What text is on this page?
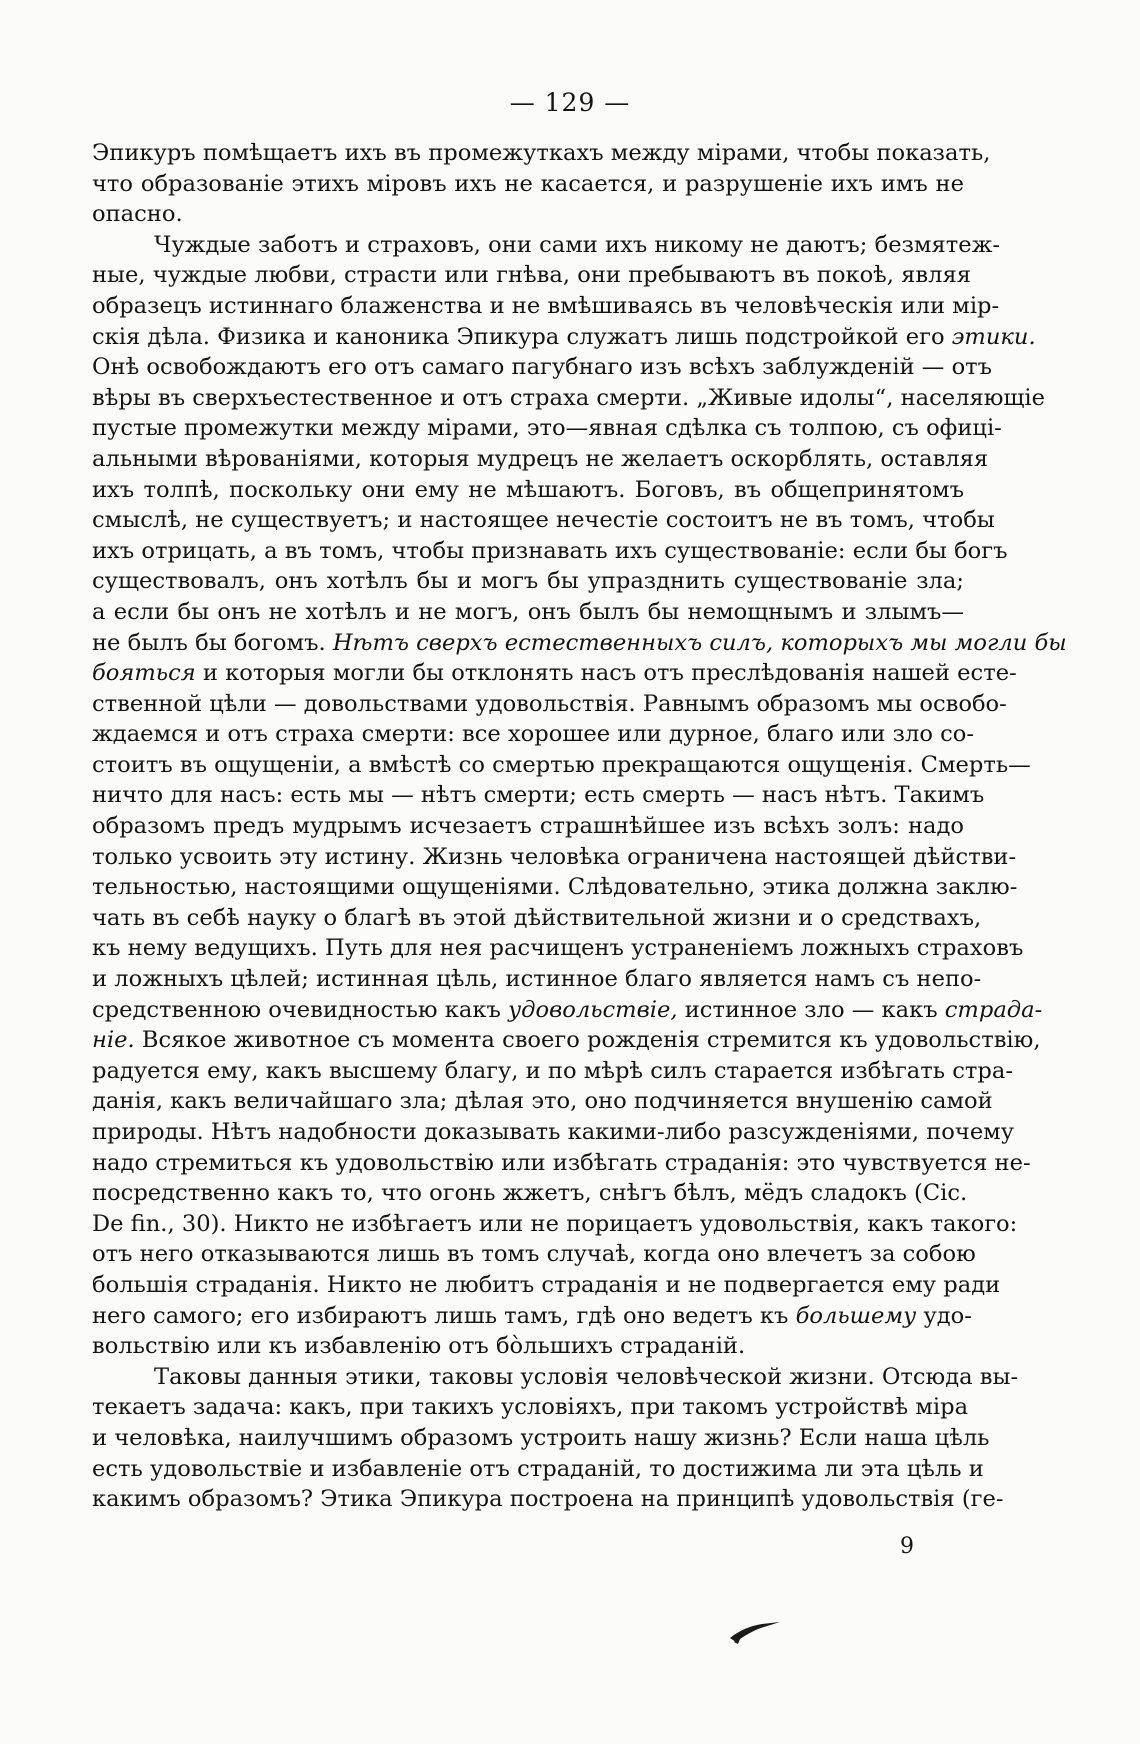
— 129 —
Эпикуръ помѣщаетъ ихъ въ промежуткахъ между мірами, чтобы показать,
что образованіе этихъ міровъ ихъ не касается, и разрушеніе ихъ имъ не
опасно.
Чуждые заботъ и страховъ, они сами ихъ никому не даютъ; безмятеж-
ные, чуждые любви, страсти или гнѣва, они пребываютъ въ покоѣ, являя
образецъ истиннаго блаженства и не вмѣшиваясь въ человѣческія или мір-
скія дѣла. Физика и каноника Эпикура служатъ лишь подстройкой его этики.
Онѣ освобождаютъ его отъ самаго пагубнаго изъ всѣхъ заблужденій — отъ
вѣры въ сверхъестественное и отъ страха смерти. „Живые идолы“, населяющіе
пустые промежутки между мірами, это—явная сдѣлка съ толпою, съ офиці-
альными вѣрованіями, которыя мудрецъ не желаетъ оскорблять, оставляя
ихъ толпѣ, поскольку они ему не мѣшаютъ. Боговъ, въ общепринятомъ
смыслѣ, не существуетъ; и настоящее нечестіе состоитъ не въ томъ, чтобы
ихъ отрицать, а въ томъ, чтобы признавать ихъ существованіе: если бы богъ
существовалъ, онъ хотѣлъ бы и могъ бы упразднить существованіе зла;
а если бы онъ не хотѣлъ и не могъ, онъ былъ бы немощнымъ и злымъ—
не былъ бы богомъ. Нѣтъ сверхъ естественныхъ силъ, которыхъ мы могли бы
бояться и которыя могли бы отклонять насъ отъ преслѣдованія нашей есте-
ственной цѣли — довольствами удовольствія. Равнымъ образомъ мы освобо-
ждаемся и отъ страха смерти: все хорошее или дурное, благо или зло со-
стоитъ въ ощущеніи, а вмѣстѣ со смертью прекращаются ощущенія. Смерть—
ничто для насъ: есть мы — нѣтъ смерти; есть смерть — насъ нѣтъ. Такимъ
образомъ предъ мудрымъ исчезаетъ страшнѣйшее изъ всѣхъ золъ: надо
только усвоить эту истину. Жизнь человѣка ограничена настоящей дѣйстви-
тельностью, настоящими ощущеніями. Слѣдовательно, этика должна заклю-
чать въ себѣ науку о благѣ въ этой дѣйствительной жизни и о средствахъ,
къ нему ведущихъ. Путь для нея расчищенъ устраненіемъ ложныхъ страховъ
и ложныхъ цѣлей; истинная цѣль, истинное благо является намъ съ непо-
средственною очевидностью какъ удовольствіе, истинное зло — какъ страда-
ніе. Всякое животное съ момента своего рожденія стремится къ удовольствію,
радуется ему, какъ высшему благу, и по мѣрѣ силъ старается избѣгать стра-
данія, какъ величайшаго зла; дѣлая это, оно подчиняется внушенію самой
природы. Нѣтъ надобности доказывать какими-либо разсужденіями, почему
надо стремиться къ удовольствію или избѣгать страданія: это чувствуется не-
посредственно какъ то, что огонь жжетъ, снѣгъ бѣлъ, мёдъ сладокъ (Cic.
De fin., 30). Никто не избѣгаетъ или не порицаетъ удовольствія, какъ такого:
отъ него отказываются лишь въ томъ случаѣ, когда оно влечетъ за собою
большія страданія. Никто не любитъ страданія и не подвергается ему ради
него самого; его избираютъ лишь тамъ, гдѣ оно ведетъ къ большему удо-
вольствію или къ избавленію отъ бо̀льшихъ страданій.
Таковы данныя этики, таковы условія человѣческой жизни. Отсюда вы-
текаетъ задача: какъ, при такихъ условіяхъ, при такомъ устройствѣ міра
и человѣка, наилучшимъ образомъ устроить нашу жизнь? Если наша цѣль
есть удовольствіе и избавленіе отъ страданій, то достижима ли эта цѣль и
какимъ образомъ? Этика Эпикура построена на принципѣ удовольствія (ге-
9
